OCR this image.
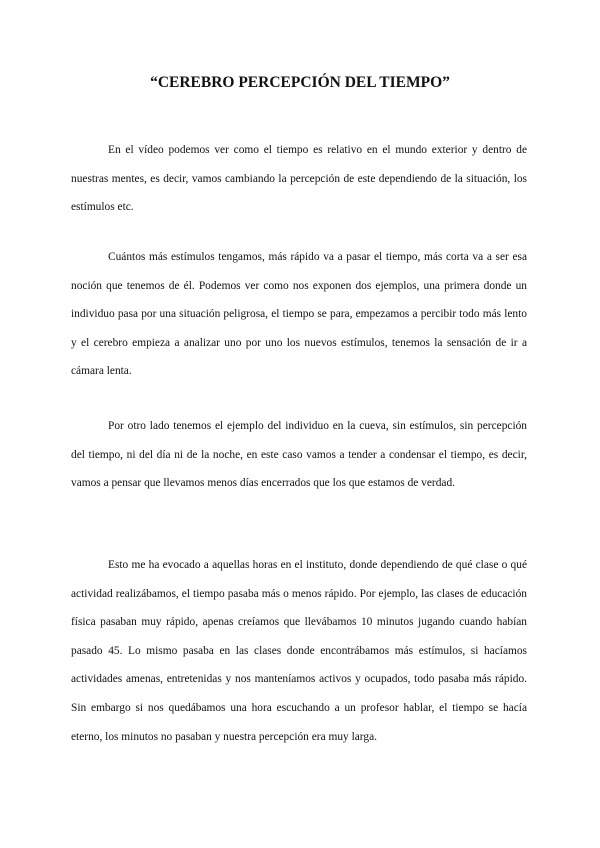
“CEREBRO PERCEPCIÓN DEL TIEMPO”

En el vídeo podemos ver como el tiempo es relativo en el mundo exterior y dentro de nuestras mentes, es decir, vamos cambiando la percepción de este dependiendo de la situación, los estímulos etc.

Cuántos más estímulos tengamos, más rápido va a pasar el tiempo, más corta va a ser esa noción que tenemos de él. Podemos ver como nos exponen dos ejemplos, una primera donde un individuo pasa por una situación peligrosa, el tiempo se para, empezamos a percibir todo más lento y el cerebro empieza a analizar uno por uno los nuevos estímulos, tenemos la sensación de ir a cámara lenta.

Por otro lado tenemos el ejemplo del individuo en la cueva, sin estímulos, sin percepción del tiempo, ni del día ni de la noche, en este caso vamos a tender a condensar el tiempo, es decir, vamos a pensar que llevamos menos días encerrados que los que estamos de verdad.

Esto me ha evocado a aquellas horas en el instituto, donde dependiendo de qué clase o qué actividad realizábamos, el tiempo pasaba más o menos rápido. Por ejemplo, las clases de educación física pasaban muy rápido, apenas creíamos que llevábamos 10 minutos jugando cuando habían pasado 45. Lo mismo pasaba en las clases donde encontrábamos más estímulos, si hacíamos actividades amenas, entretenidas y nos manteníamos activos y ocupados, todo pasaba más rápido. Sin embargo si nos quedábamos una hora escuchando a un profesor hablar, el tiempo se hacía eterno, los minutos no pasaban y nuestra percepción era muy larga.
